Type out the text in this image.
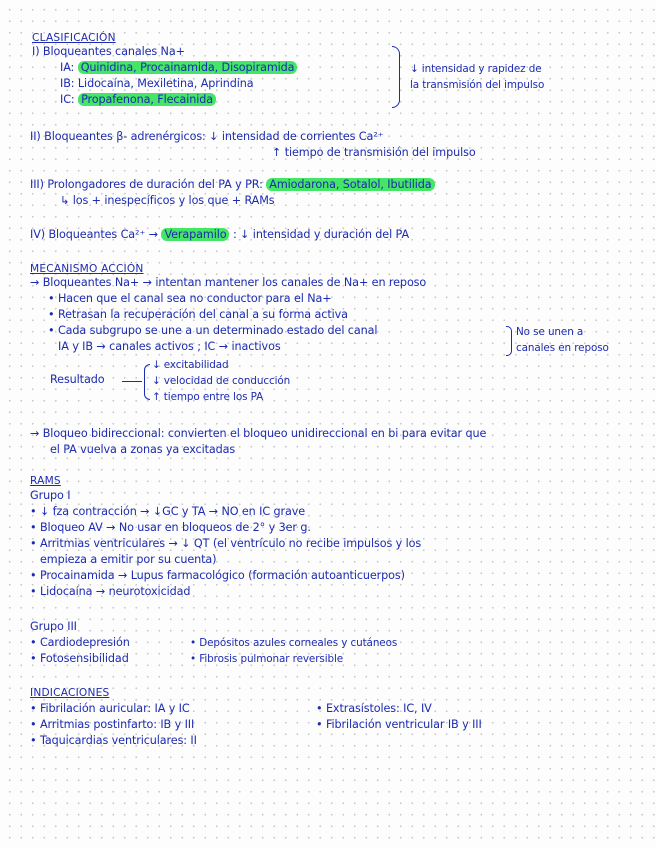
CLASIFICACIÓN
I) Bloqueantes canales Na+
IA: Quinidina, Procainamida, Disopiramida
IB: Lidocaína, Mexiletina, Aprindina
IC: Propafenona, Flecainida
↓ intensidad y rapidez de
la transmisión del impulso
II) Bloqueantes β- adrenérgicos: ↓ intensidad de corrientes Ca²⁺
↑ tiempo de transmisión del impulso
III) Prolongadores de duración del PA y PR: Amiodarona, Sotalol, Ibutilida
↳ los + inespecíficos y los que + RAMs
IV) Bloqueantes Ca²⁺ → Verapamilo : ↓ intensidad y duración del PA
MECANISMO ACCIÓN
→ Bloqueantes Na+ → intentan mantener los canales de Na+ en reposo
• Hacen que el canal sea no conductor para el Na+
• Retrasan la recuperación del canal a su forma activa
• Cada subgrupo se une a un determinado estado del canal
IA y IB → canales activos ; IC → inactivos
No se unen a
canales en reposo
Resultado
↓ excitabilidad
↓ velocidad de conducción
↑ tiempo entre los PA
→ Bloqueo bidireccional: convierten el bloqueo unidireccional en bi para evitar que
el PA vuelva a zonas ya excitadas
RAMS
Grupo I
• ↓ fza contracción → ↓GC y TA → NO en IC grave
• Bloqueo AV → No usar en bloqueos de 2° y 3er g.
• Arritmias ventriculares → ↓ QT (el ventrículo no recibe impulsos y los
empieza a emitir por su cuenta)
• Procainamida → Lupus farmacológico (formación autoanticuerpos)
• Lidocaína → neurotoxicidad
Grupo III
• Cardiodepresión
• Fotosensibilidad
• Depósitos azules corneales y cutáneos
• Fibrosis pulmonar reversible
INDICACIONES
• Fibrilación auricular: IA y IC
• Arritmias postinfarto: IB y III
• Taquicardias ventriculares: II
• Extrasístoles: IC, IV
• Fibrilación ventricular IB y III
